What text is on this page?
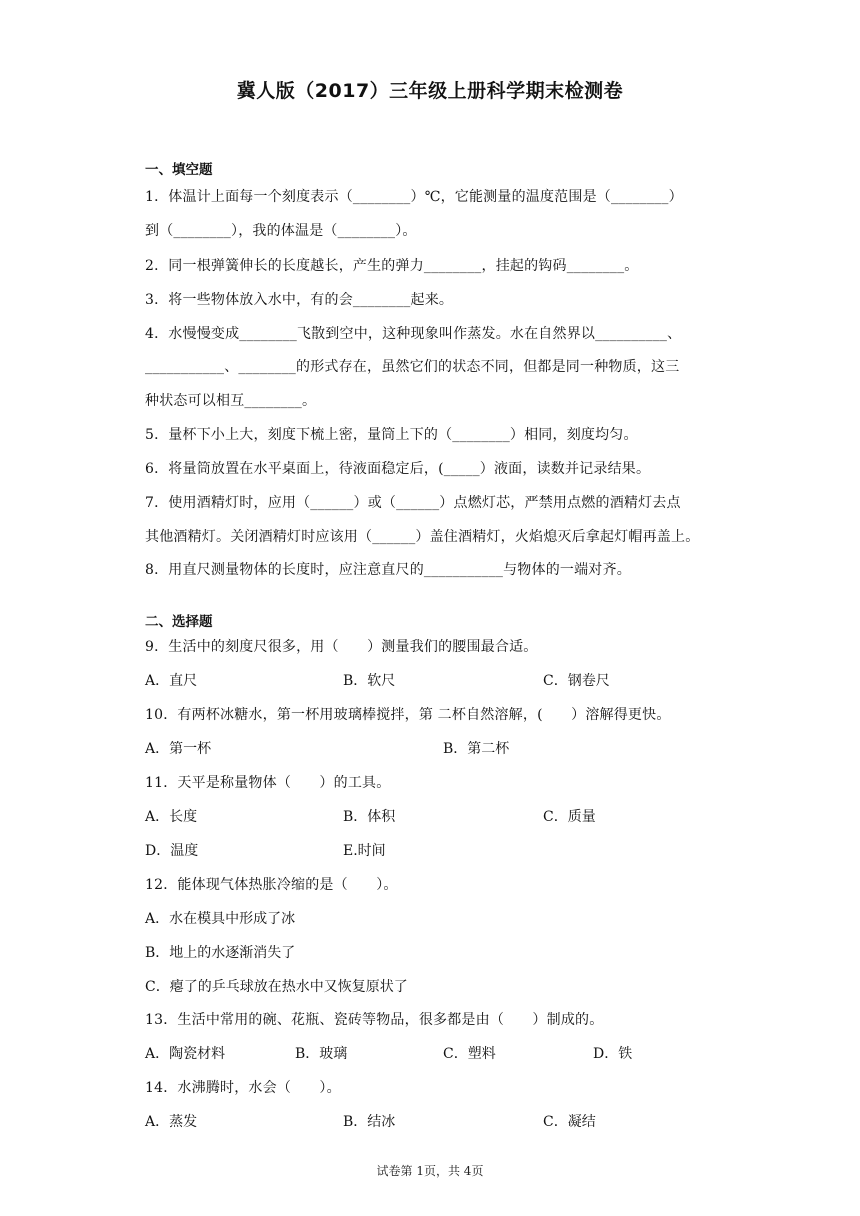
冀人版（2017）三年级上册科学期末检测卷
一、填空题
1．体温计上面每一个刻度表示（________）℃，它能测量的温度范围是（________）
到（________），我的体温是（________）。
2．同一根弹簧伸长的长度越长，产生的弹力________，挂起的钩码________。
3．将一些物体放入水中，有的会________起来。
4．水慢慢变成________飞散到空中，这种现象叫作蒸发。水在自然界以__________、
___________、________的形式存在，虽然它们的状态不同，但都是同一种物质，这三
种状态可以相互________。
5．量杯下小上大，刻度下梳上密，量筒上下的（________）相同，刻度均匀。
6．将量筒放置在水平桌面上，待液面稳定后，(_____）液面，读数并记录结果。
7．使用酒精灯时，应用（______）或（______）点燃灯芯，严禁用点燃的酒精灯去点
其他酒精灯。关闭酒精灯时应该用（______）盖住酒精灯，火焰熄灭后拿起灯帽再盖上。
8．用直尺测量物体的长度时，应注意直尺的___________与物体的一端对齐。
二、选择题
9．生活中的刻度尺很多，用（　　）测量我们的腰围最合适。
A．直尺	B．软尺	C．钢卷尺
10．有两杯冰糖水，第一杯用玻璃棒搅拌，第 二杯自然溶解，(　　）溶解得更快。
A．第一杯	B．第二杯
11．天平是称量物体（　　）的工具。
A．长度	B．体积	C．质量
D．温度	E.时间
12．能体现气体热胀冷缩的是（　　）。
A．水在模具中形成了冰
B．地上的水逐渐消失了
C．瘪了的乒乓球放在热水中又恢复原状了
13．生活中常用的碗、花瓶、瓷砖等物品，很多都是由（　　）制成的。
A．陶瓷材料	B．玻璃	C．塑料	D．铁
14．水沸腾时，水会（　　）。
A．蒸发	B．结冰	C．凝结
试卷第 1页，共 4页
